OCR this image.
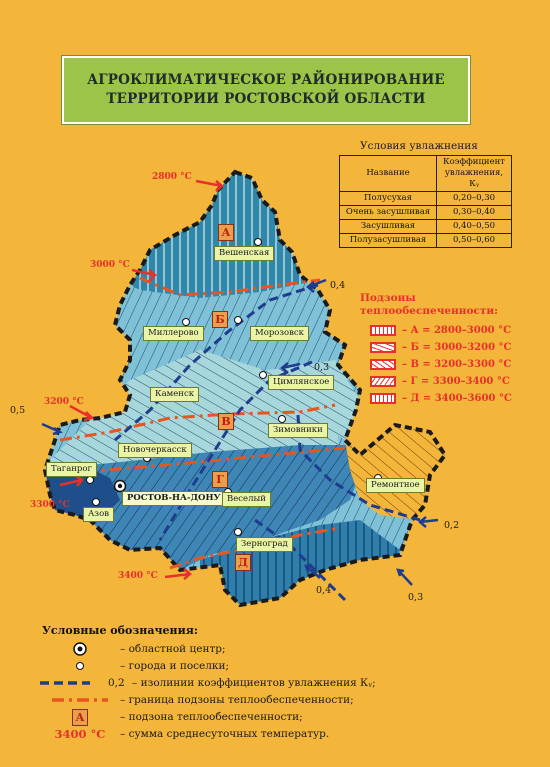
АГРОКЛИМАТИЧЕСКОЕ РАЙОНИРОВАНИЕ
ТЕРРИТОРИИ РОСТОВСКОЙ ОБЛАСТИ
Условия увлажнения
Название	Коэффициент увлажнения, Кᵧ
Полусухая	0,20–0,30
Очень засушливая	0,30–0,40
Засушливая	0,40–0,50
Полузасушливая	0,50–0,60
Подзоны
теплообеспеченности:
– А = 2800–3000 °С
– Б = 3000–3200 °С
– В = 3200–3300 °С
– Г = 3300–3400 °С
– Д = 3400–3600 °С
Вешенская
Миллерово	Морозовск
Цимлянское
Каменск
Зимовники
Новочеркасск
Таганрог
РОСТОВ-НА-ДОНУ Веселый
Ремонтное
Азов
Зерноград
А
Б
В
Г
Д
2800 °С
3000 °С
3200 °С
3300 °С
3400 °С
0,4
0,3
0,5
0,2
0,4
0,3
Условные обозначения:
– областной центр;
– города и поселки;
0,2 – изолинии коэффициентов увлажнения Кᵧ;
– граница подзоны теплообеспеченности;
А	– подзона теплообеспеченности;
3400 °С – сумма среднесуточных температур.
